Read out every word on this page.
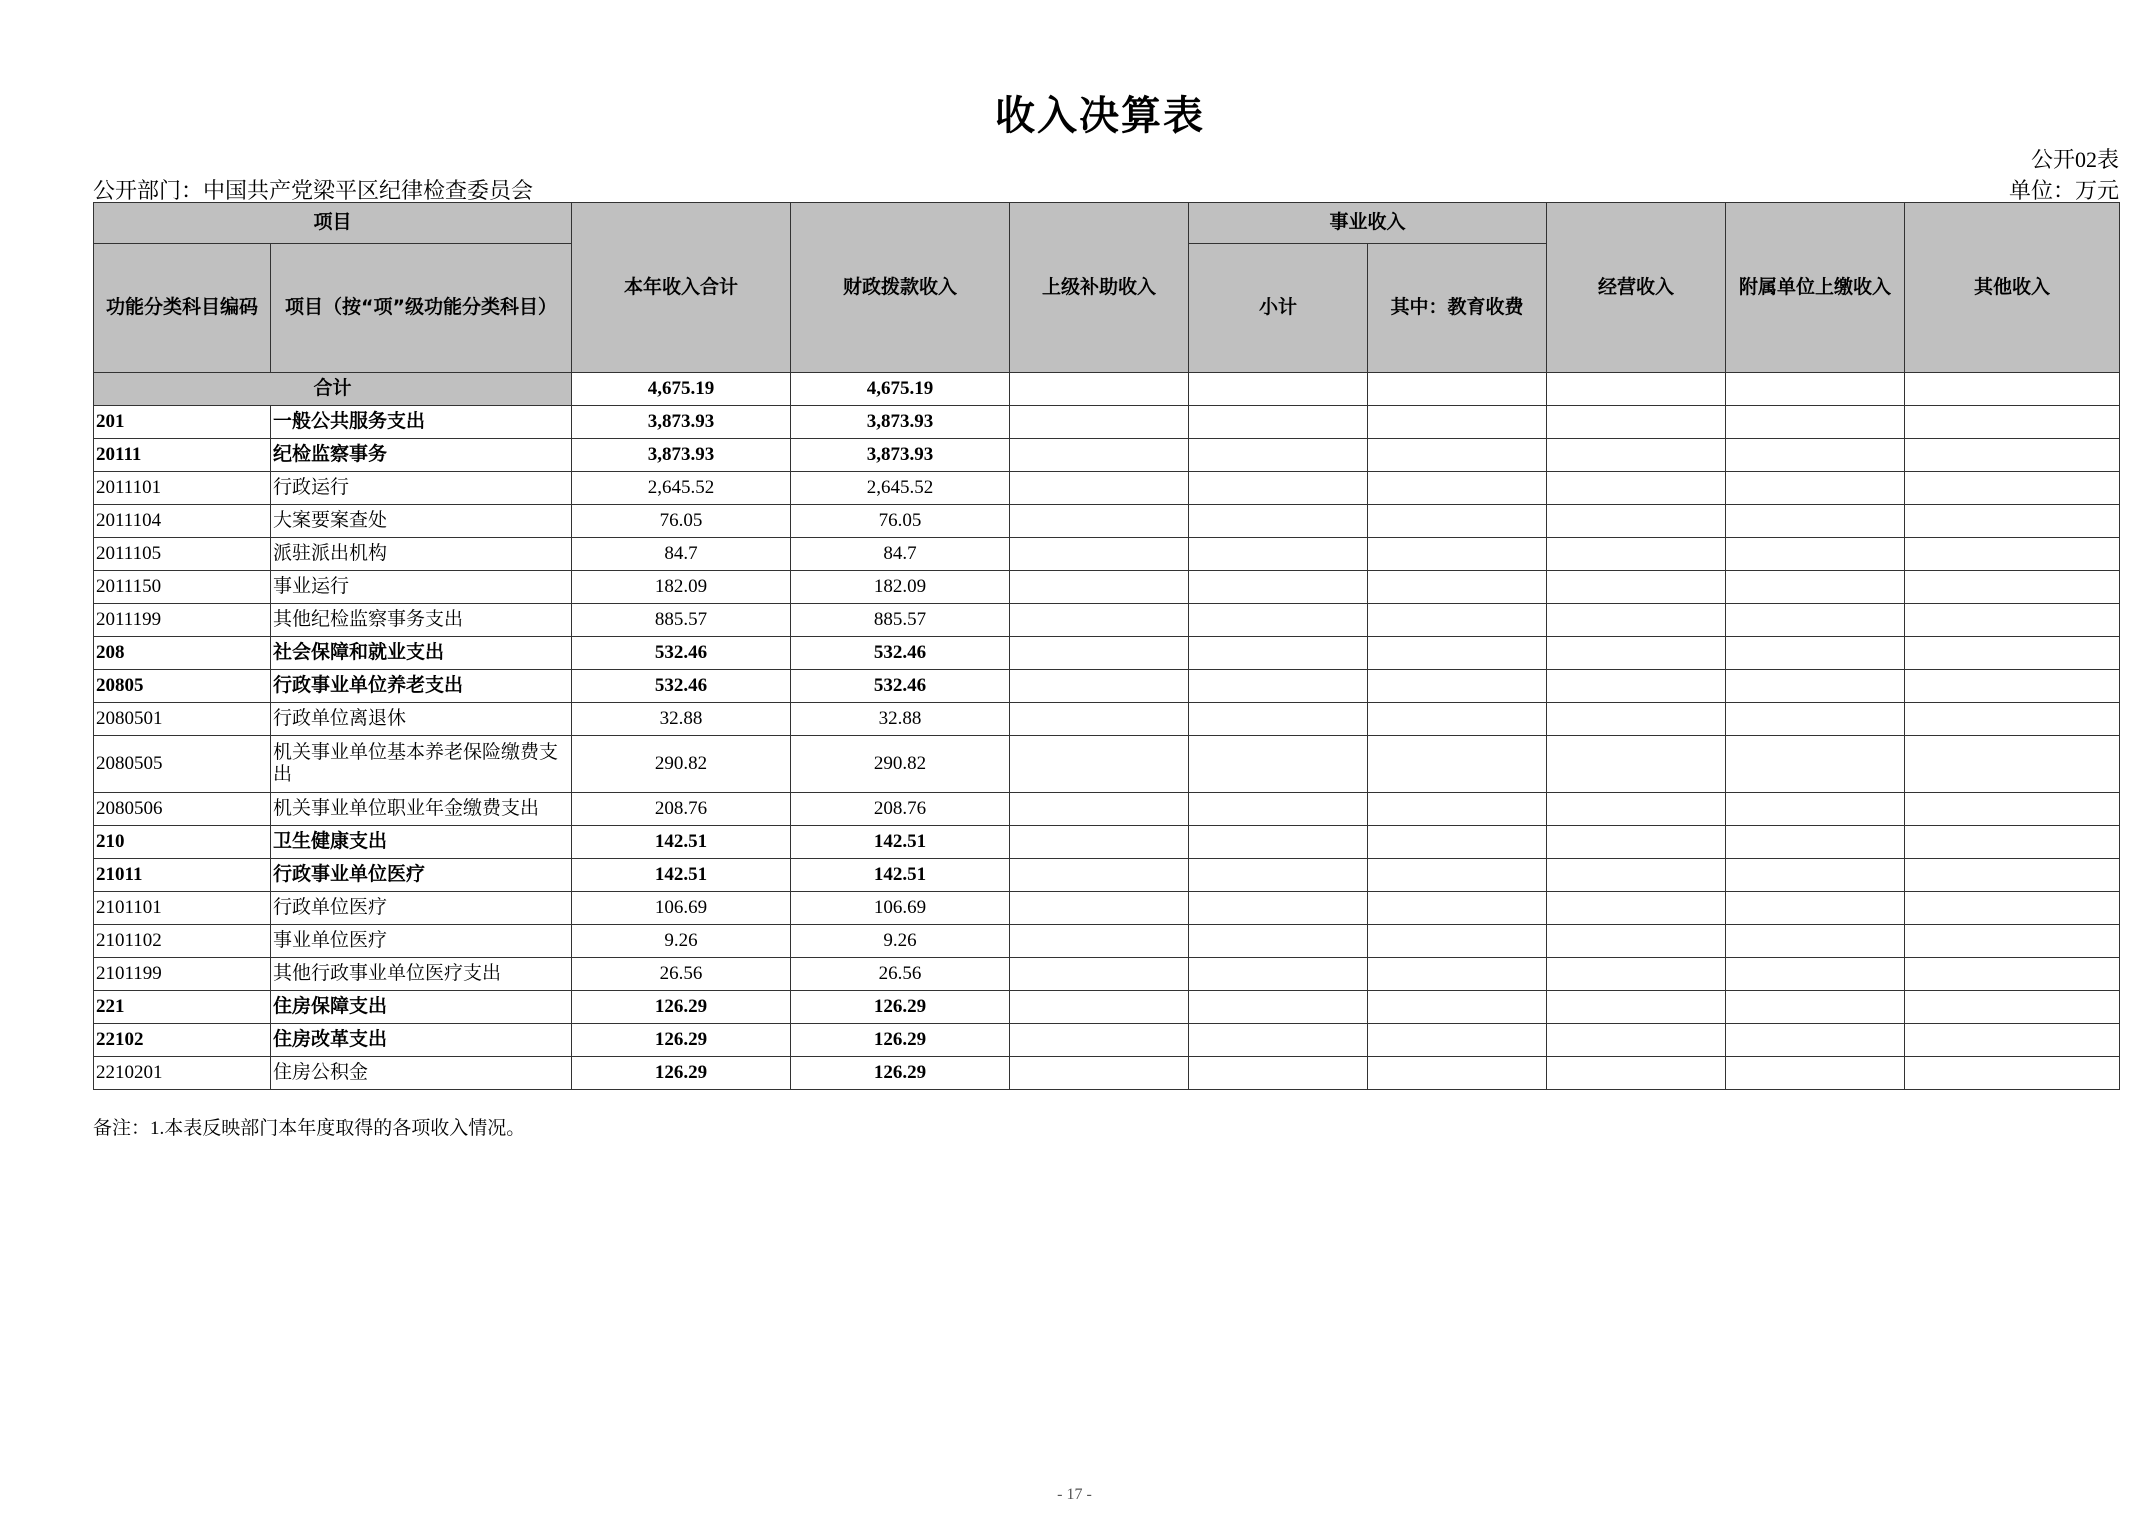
收入决算表
公开02表
公开部门：中国共产党梁平区纪律检查委员会	单位：万元
项目		本年收入合计	财政拨款收入	上级补助收入	事业收入		经营收入	附属单位上缴收入	其他收入
功能分类科目编码	项目（按“项”级功能分类科目）				小计	其中：教育收费			
合计		4,675.19	4,675.19						
201	一般公共服务支出	3,873.93	3,873.93						
20111	纪检监察事务	3,873.93	3,873.93						
2011101	行政运行	2,645.52	2,645.52						
2011104	大案要案查处	76.05	76.05						
2011105	派驻派出机构	84.7	84.7						
2011150	事业运行	182.09	182.09						
2011199	其他纪检监察事务支出	885.57	885.57						
208	社会保障和就业支出	532.46	532.46						
20805	行政事业单位养老支出	532.46	532.46						
2080501	行政单位离退休	32.88	32.88						
2080505	机关事业单位基本养老保险缴费支出	290.82	290.82						
2080506	机关事业单位职业年金缴费支出	208.76	208.76						
210	卫生健康支出	142.51	142.51						
21011	行政事业单位医疗	142.51	142.51						
2101101	行政单位医疗	106.69	106.69						
2101102	事业单位医疗	9.26	9.26						
2101199	其他行政事业单位医疗支出	26.56	26.56						
221	住房保障支出	126.29	126.29						
22102	住房改革支出	126.29	126.29						
2210201	住房公积金	126.29	126.29						
备注：1.本表反映部门本年度取得的各项收入情况。
- 17 -
